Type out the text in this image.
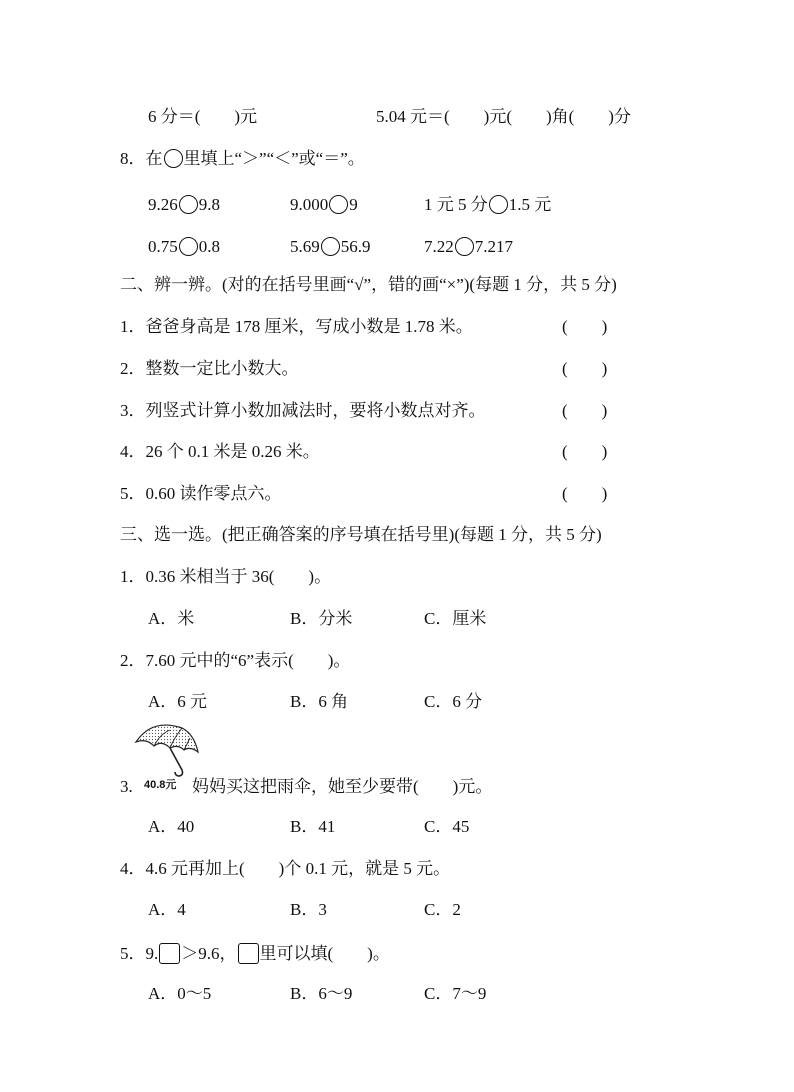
6 分＝(　　)元	5.04 元＝(　　)元(　　)角(　　)分
8．在 里填上“＞”“＜”或“＝”。
9.26 9.8	9.000 9	1 元 5 分 1.5 元
0.75 0.8	5.69 56.9	7.22 7.217
二、辨一辨。(对的在括号里画“√”，错的画“×”)(每题 1 分，共 5 分)
1．爸爸身高是 178 厘米，写成小数是 1.78 米。	(　　)
2．整数一定比小数大。	(　　)
3．列竖式计算小数加减法时，要将小数点对齐。	(　　)
4．26 个 0.1 米是 0.26 米。	(　　)
5．0.60 读作零点六。	(　　)
三、选一选。(把正确答案的序号填在括号里)(每题 1 分，共 5 分)
1．0.36 米相当于 36(　　)。
A．米	B．分米	C．厘米
2．7.60 元中的“6”表示(　　)。
A．6 元	B．6 角	C．6 分
40.8元
3.	妈妈买这把雨伞，她至少要带(　　)元。
A．40	B．41	C．45
4．4.6 元再加上(　　)个 0.1 元，就是 5 元。
A．4	B．3	C．2
5．9. ＞9.6， 里可以填(　　)。
A．0～5	B．6～9	C．7～9
